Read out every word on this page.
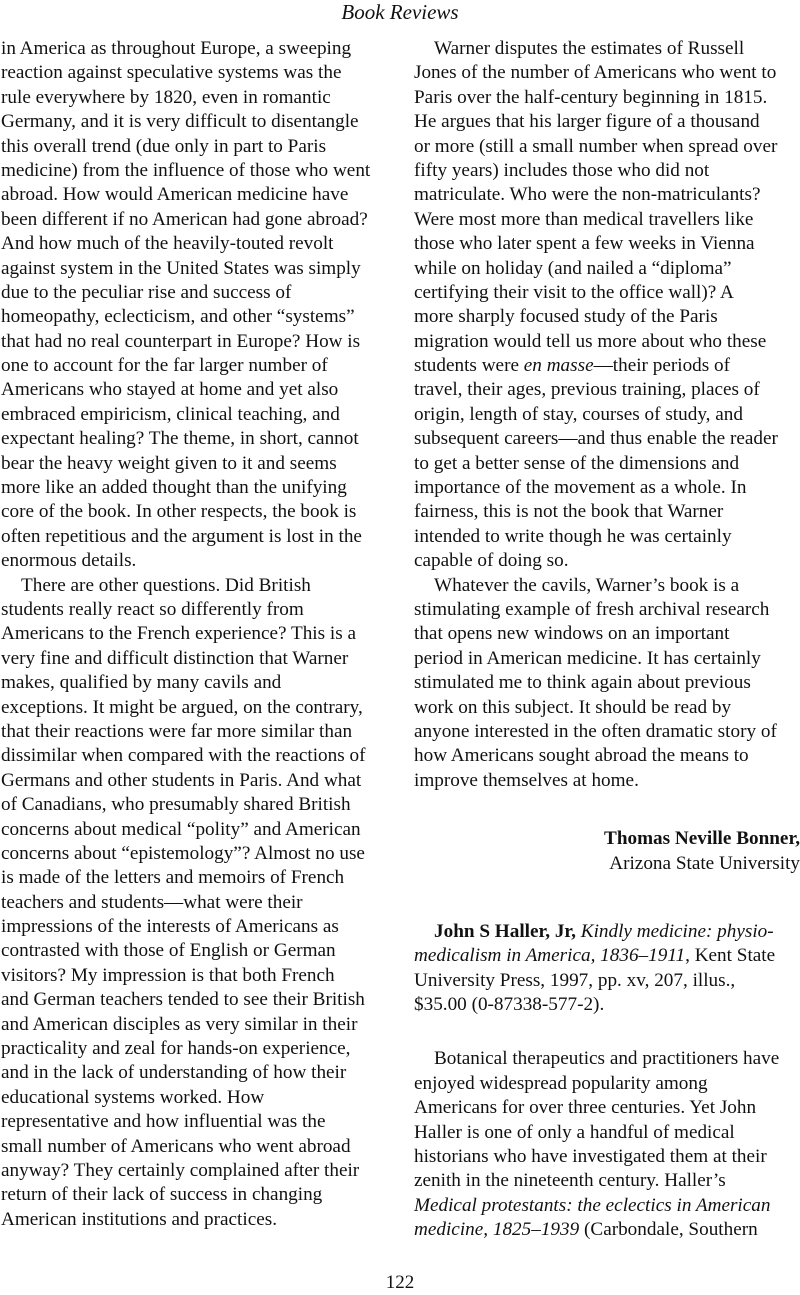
Book Reviews
in America as throughout Europe, a sweeping
reaction against speculative systems was the
rule everywhere by 1820, even in romantic
Germany, and it is very difficult to disentangle
this overall trend (due only in part to Paris
medicine) from the influence of those who went
abroad. How would American medicine have
been different if no American had gone abroad?
And how much of the heavily-touted revolt
against system in the United States was simply
due to the peculiar rise and success of
homeopathy, eclecticism, and other “systems”
that had no real counterpart in Europe? How is
one to account for the far larger number of
Americans who stayed at home and yet also
embraced empiricism, clinical teaching, and
expectant healing? The theme, in short, cannot
bear the heavy weight given to it and seems
more like an added thought than the unifying
core of the book. In other respects, the book is
often repetitious and the argument is lost in the
enormous details.
There are other questions. Did British
students really react so differently from
Americans to the French experience? This is a
very fine and difficult distinction that Warner
makes, qualified by many cavils and
exceptions. It might be argued, on the contrary,
that their reactions were far more similar than
dissimilar when compared with the reactions of
Germans and other students in Paris. And what
of Canadians, who presumably shared British
concerns about medical “polity” and American
concerns about “epistemology”? Almost no use
is made of the letters and memoirs of French
teachers and students—what were their
impressions of the interests of Americans as
contrasted with those of English or German
visitors? My impression is that both French
and German teachers tended to see their British
and American disciples as very similar in their
practicality and zeal for hands-on experience,
and in the lack of understanding of how their
educational systems worked. How
representative and how influential was the
small number of Americans who went abroad
anyway? They certainly complained after their
return of their lack of success in changing
American institutions and practices.
Warner disputes the estimates of Russell
Jones of the number of Americans who went to
Paris over the half-century beginning in 1815.
He argues that his larger figure of a thousand
or more (still a small number when spread over
fifty years) includes those who did not
matriculate. Who were the non-matriculants?
Were most more than medical travellers like
those who later spent a few weeks in Vienna
while on holiday (and nailed a “diploma”
certifying their visit to the office wall)? A
more sharply focused study of the Paris
migration would tell us more about who these
students were en masse—their periods of
travel, their ages, previous training, places of
origin, length of stay, courses of study, and
subsequent careers—and thus enable the reader
to get a better sense of the dimensions and
importance of the movement as a whole. In
fairness, this is not the book that Warner
intended to write though he was certainly
capable of doing so.
Whatever the cavils, Warner’s book is a
stimulating example of fresh archival research
that opens new windows on an important
period in American medicine. It has certainly
stimulated me to think again about previous
work on this subject. It should be read by
anyone interested in the often dramatic story of
how Americans sought abroad the means to
improve themselves at home.
Thomas Neville Bonner,
Arizona State University
John S Haller, Jr, Kindly medicine: physio-
medicalism in America, 1836–1911, Kent State
University Press, 1997, pp. xv, 207, illus.,
$35.00 (0-87338-577-2).
Botanical therapeutics and practitioners have
enjoyed widespread popularity among
Americans for over three centuries. Yet John
Haller is one of only a handful of medical
historians who have investigated them at their
zenith in the nineteenth century. Haller’s
Medical protestants: the eclectics in American
medicine, 1825–1939 (Carbondale, Southern
122
